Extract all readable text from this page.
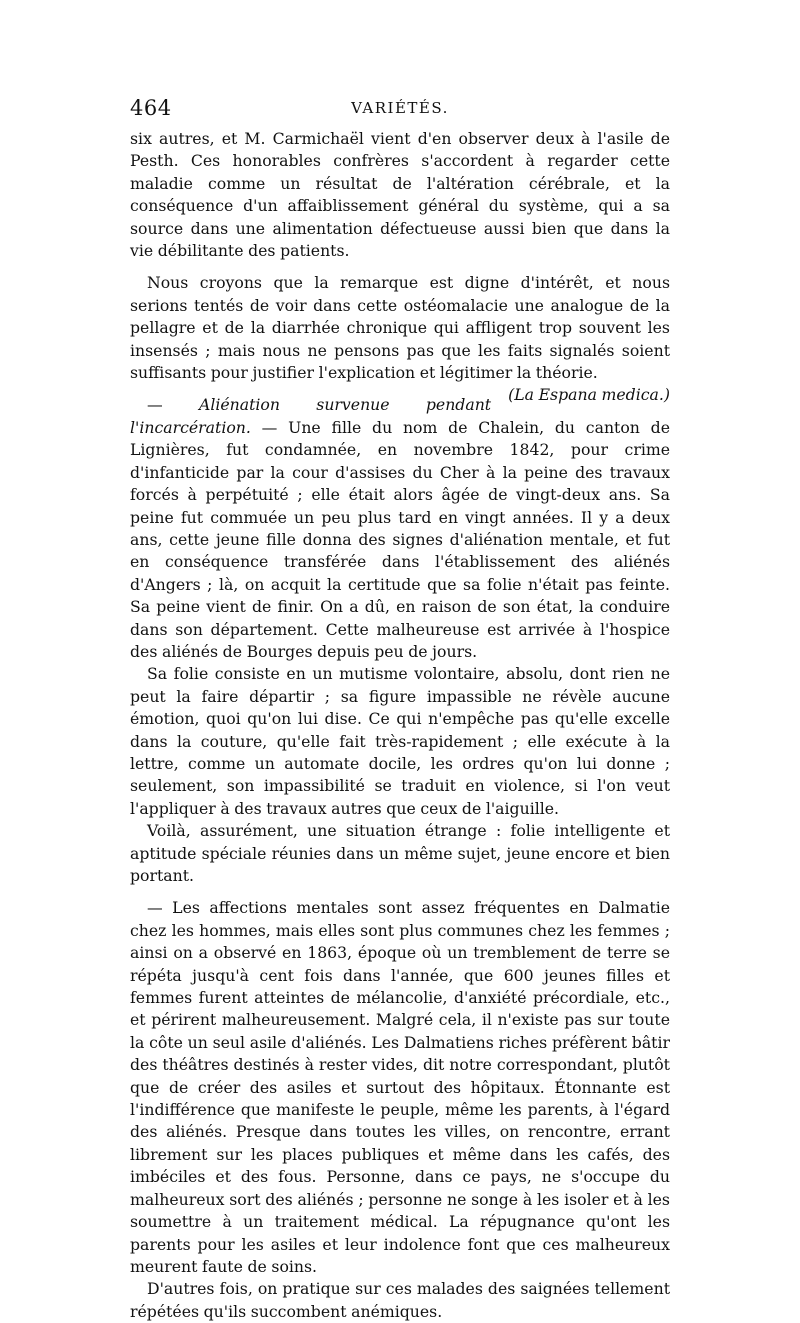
464	VARIÉTÉS.

six autres, et M. Carmichaël vient d'en observer deux à l'asile de Pesth. Ces honorables confrères s'accordent à regarder cette maladie comme un résultat de l'altération cérébrale, et la conséquence d'un affaiblissement général du système, qui a sa source dans une alimentation défectueuse aussi bien que dans la vie débilitante des patients.

Nous croyons que la remarque est digne d'intérêt, et nous serions tentés de voir dans cette ostéomalacie une analogue de la pellagre et de la diarrhée chronique qui affligent trop souvent les insensés ; mais nous ne pensons pas que les faits signalés soient suffisants pour justifier l'explication et légitimer la théorie.
(La Espana medica.)

— Aliénation survenue pendant l'incarcération. — Une fille du nom de Chalein, du canton de Lignières, fut condamnée, en novembre 1842, pour crime d'infanticide par la cour d'assises du Cher à la peine des travaux forcés à perpétuité ; elle était alors âgée de vingt-deux ans. Sa peine fut commuée un peu plus tard en vingt années. Il y a deux ans, cette jeune fille donna des signes d'aliénation mentale, et fut en conséquence transférée dans l'établissement des aliénés d'Angers ; là, on acquit la certitude que sa folie n'était pas feinte. Sa peine vient de finir. On a dû, en raison de son état, la conduire dans son département. Cette malheureuse est arrivée à l'hospice des aliénés de Bourges depuis peu de jours.

Sa folie consiste en un mutisme volontaire, absolu, dont rien ne peut la faire départir ; sa figure impassible ne révèle aucune émotion, quoi qu'on lui dise. Ce qui n'empêche pas qu'elle excelle dans la couture, qu'elle fait très-rapidement ; elle exécute à la lettre, comme un automate docile, les ordres qu'on lui donne ; seulement, son impassibilité se traduit en violence, si l'on veut l'appliquer à des travaux autres que ceux de l'aiguille.

Voilà, assurément, une situation étrange : folie intelligente et aptitude spéciale réunies dans un même sujet, jeune encore et bien portant.

— Les affections mentales sont assez fréquentes en Dalmatie chez les hommes, mais elles sont plus communes chez les femmes ; ainsi on a observé en 1863, époque où un tremblement de terre se répéta jusqu'à cent fois dans l'année, que 600 jeunes filles et femmes furent atteintes de mélancolie, d'anxiété précordiale, etc., et périrent malheureusement. Malgré cela, il n'existe pas sur toute la côte un seul asile d'aliénés. Les Dalmatiens riches préfèrent bâtir des théâtres destinés à rester vides, dit notre correspondant, plutôt que de créer des asiles et surtout des hôpitaux. Étonnante est l'indifférence que manifeste le peuple, même les parents, à l'égard des aliénés. Presque dans toutes les villes, on rencontre, errant librement sur les places publiques et même dans les cafés, des imbéciles et des fous. Personne, dans ce pays, ne s'occupe du malheureux sort des aliénés ; personne ne songe à les isoler et à les soumettre à un traitement médical. La répugnance qu'ont les parents pour les asiles et leur indolence font que ces malheureux meurent faute de soins.

D'autres fois, on pratique sur ces malades des saignées tellement répétées qu'ils succombent anémiques.
